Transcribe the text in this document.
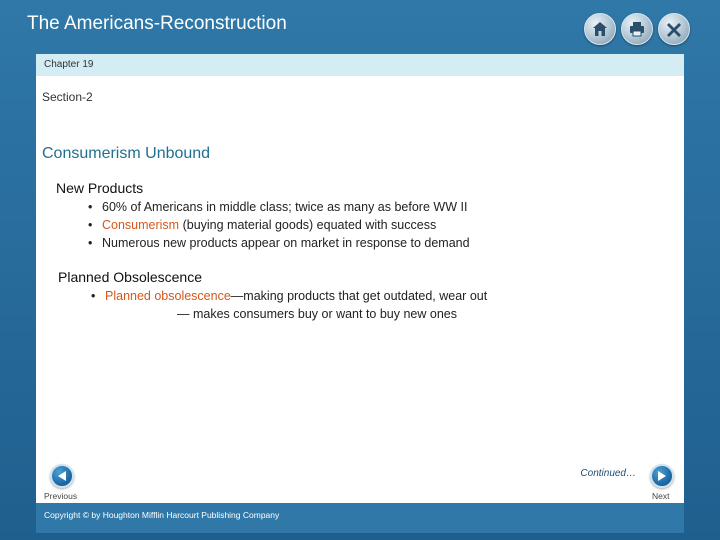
The Americans-Reconstruction
Chapter 19
Section-2
Consumerism Unbound
New Products
• 60% of Americans in middle class; twice as many as before WW II
• Consumerism (buying material goods) equated with success
• Numerous new products appear on market in response to demand
Planned Obsolescence
• Planned obsolescence—making products that get outdated, wear out
— makes consumers buy or want to buy new ones
Continued…
Previous	Next
Copyright © by Houghton Mifflin Harcourt Publishing Company
